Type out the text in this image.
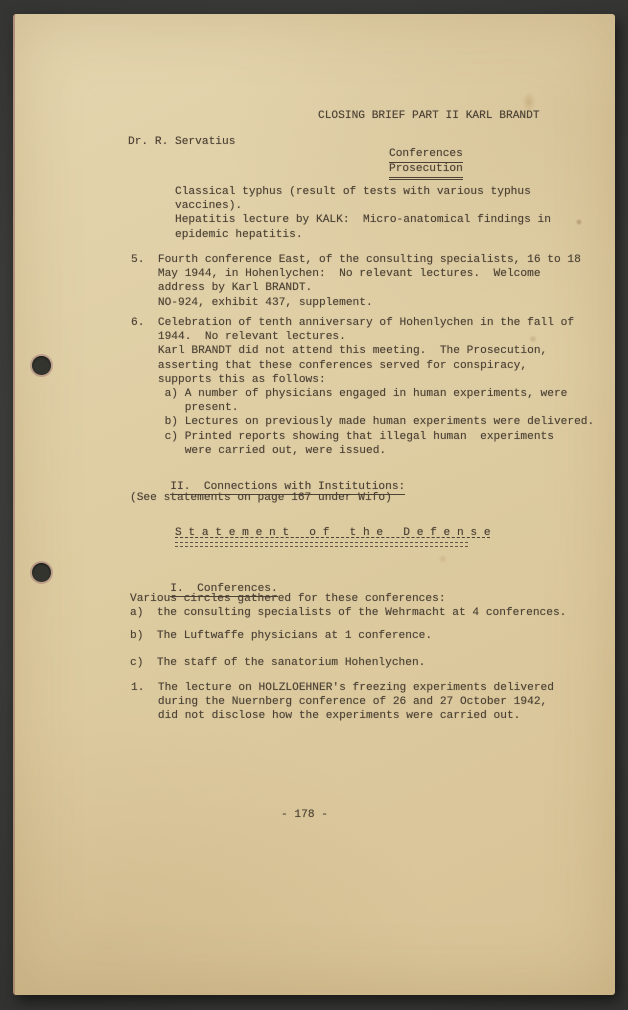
CLOSING BRIEF PART II KARL BRANDT
Dr. R. Servatius
Conferences
Prosecution
Classical typhus (result of tests with various typhus
vaccines).
Hepatitis lecture by KALK:  Micro-anatomical findings in
epidemic hepatitis.
5.  Fourth conference East, of the consulting specialists, 16 to 18
May 1944, in Hohenlychen:  No relevant lectures.  Welcome
address by Karl BRANDT.
NO-924, exhibit 437, supplement.
6.  Celebration of tenth anniversary of Hohenlychen in the fall of
1944.  No relevant lectures.
Karl BRANDT did not attend this meeting.  The Prosecution,
asserting that these conferences served for conspiracy,
supports this as follows:
a) A number of physicians engaged in human experiments, were
present.
b) Lectures on previously made human experiments were delivered.
c) Printed reports showing that illegal human  experiments
were carried out, were issued.

II.  Connections with Institutions:

(See statements on page 167 under Wifo)
S t a t e m e n t   o f   t h e   D e f e n s e

I.  Conferences.

Various circles gathered for these conferences:
a)  the consulting specialists of the Wehrmacht at 4 conferences.
b)  The Luftwaffe physicians at 1 conference.
c)  The staff of the sanatorium Hohenlychen.
1.  The lecture on HOLZLOEHNER's freezing experiments delivered
during the Nuernberg conference of 26 and 27 October 1942,
did not disclose how the experiments were carried out.
- 178 -
